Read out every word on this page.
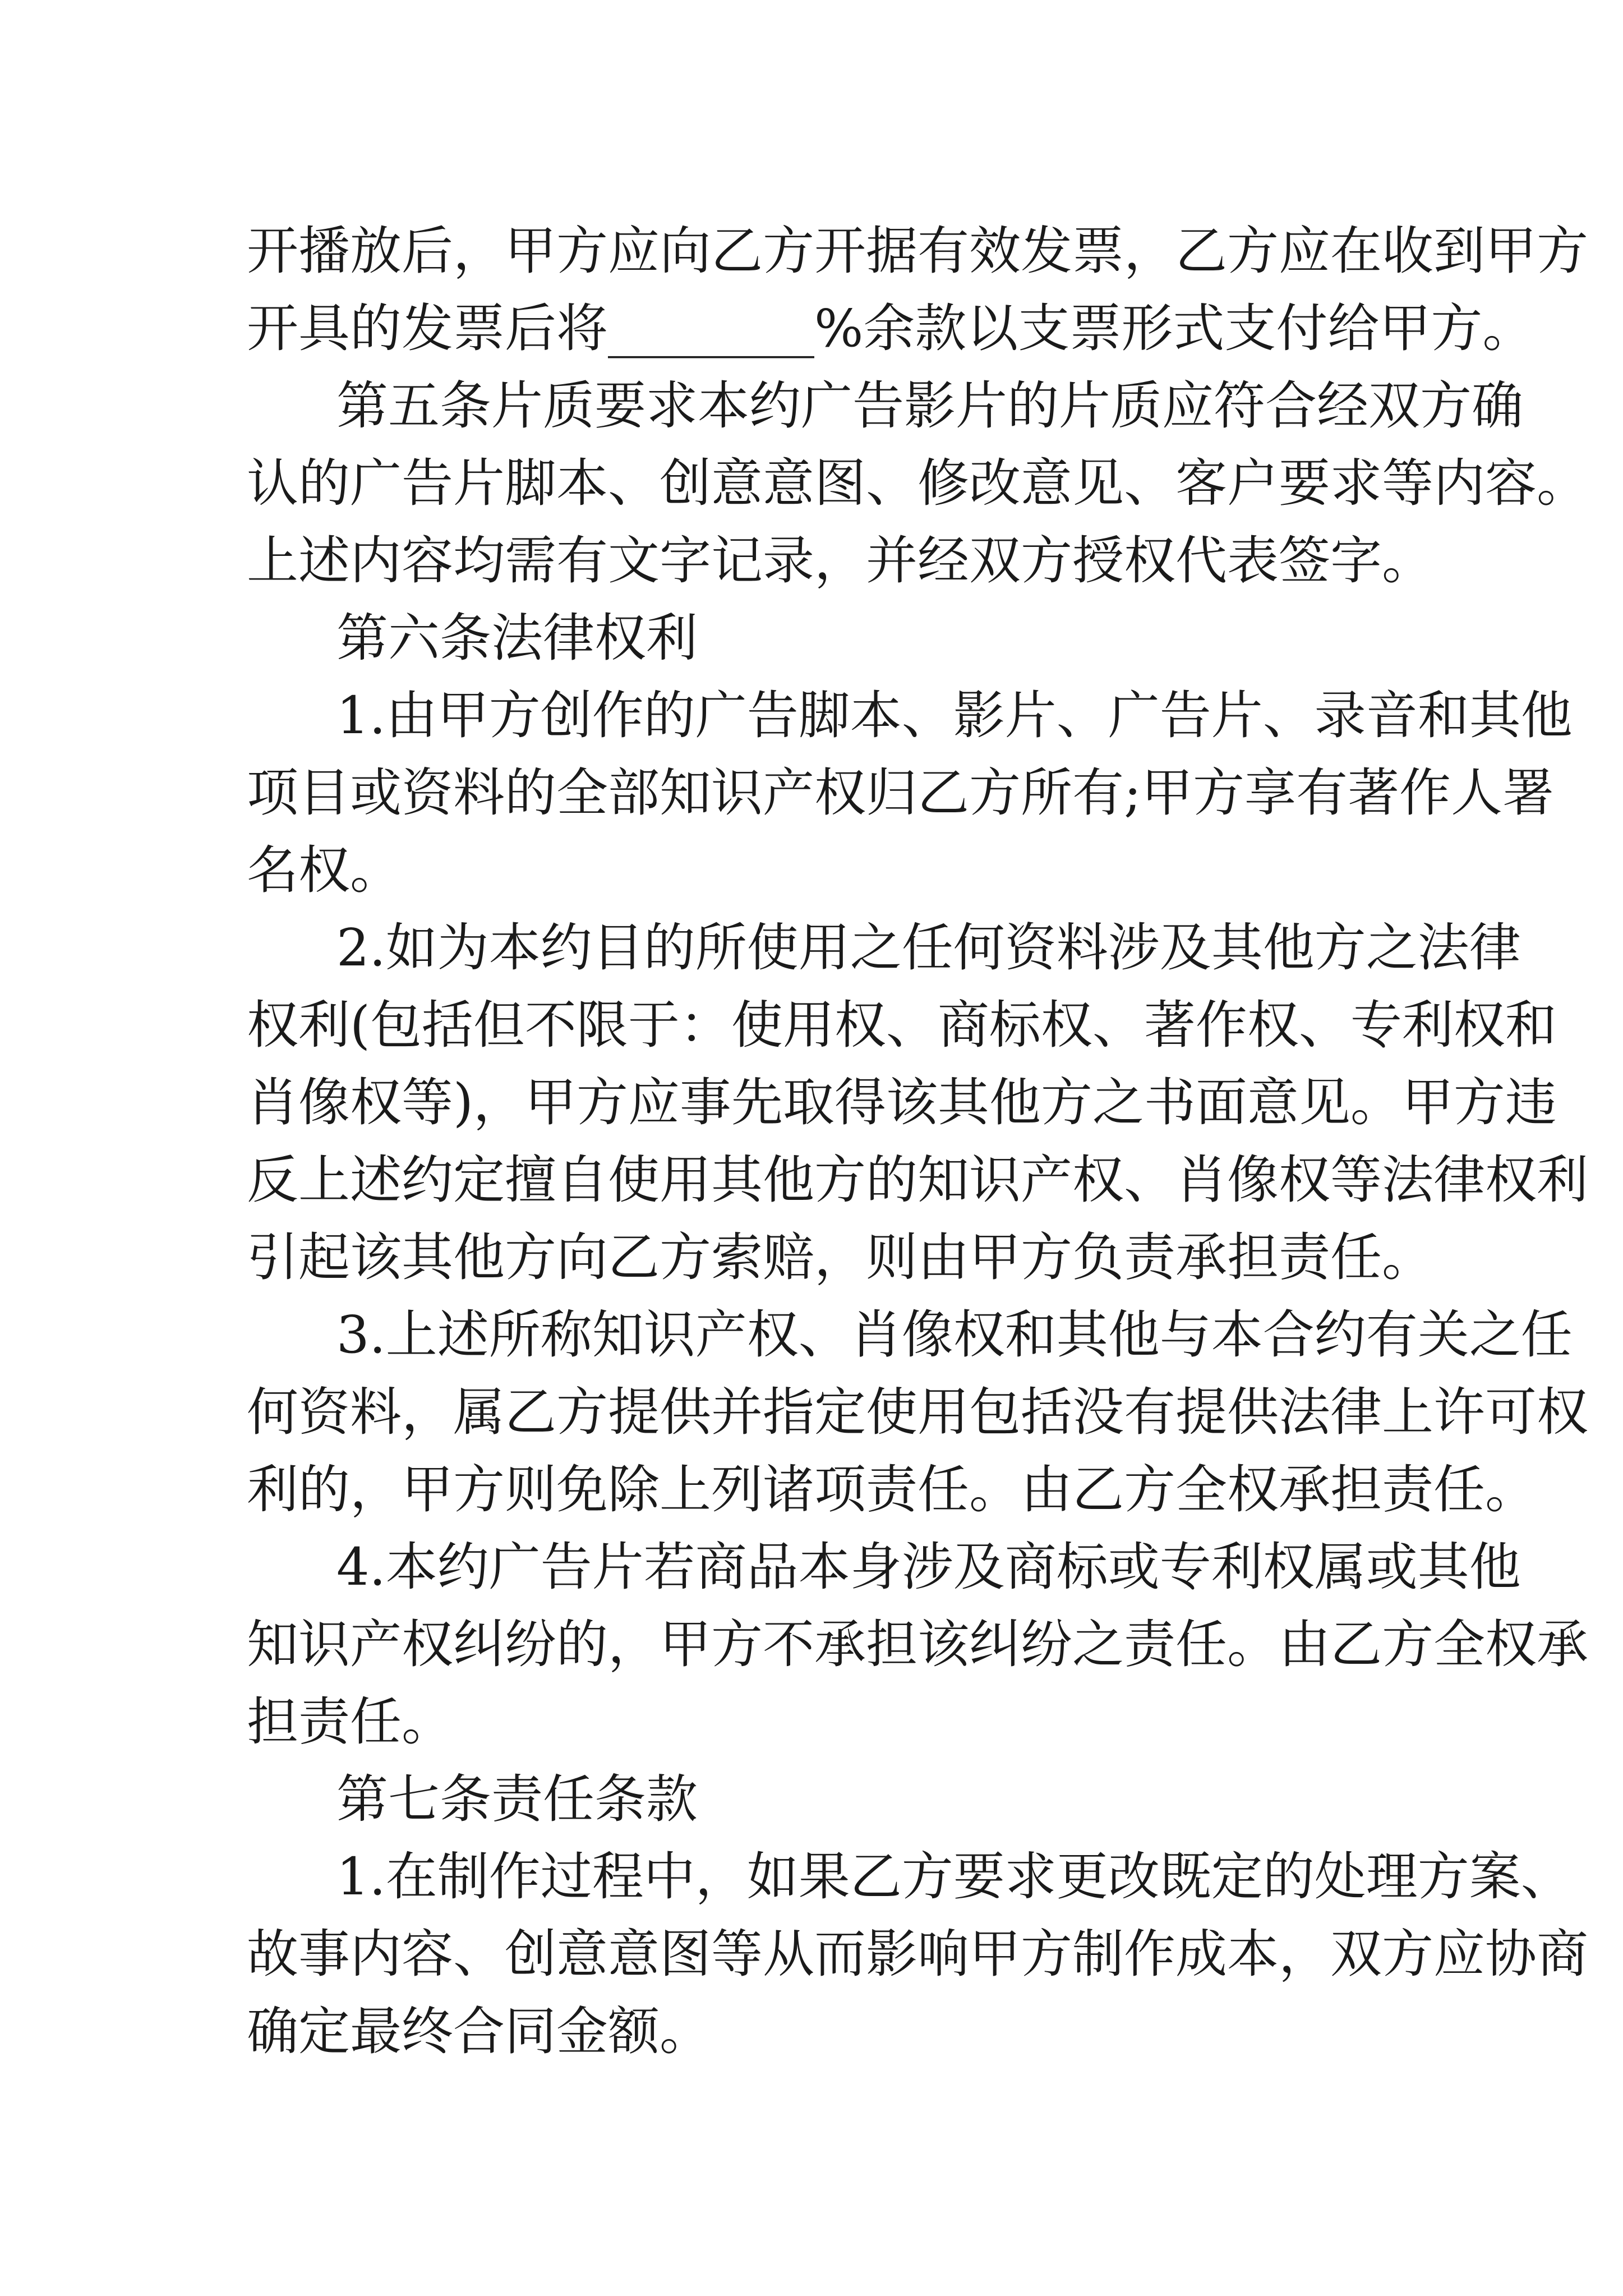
开播放后，甲方应向乙方开据有效发票，乙方应在收到甲方
开具的发票后将________%余款以支票形式支付给甲方。
第五条片质要求本约广告影片的片质应符合经双方确
认的广告片脚本、创意意图、修改意见、客户要求等内容。
上述内容均需有文字记录，并经双方授权代表签字。
第六条法律权利
1.由甲方创作的广告脚本、影片、广告片、录音和其他
项目或资料的全部知识产权归乙方所有;甲方享有著作人署
名权。
2.如为本约目的所使用之任何资料涉及其他方之法律
权利(包括但不限于：使用权、商标权、著作权、专利权和
肖像权等)，甲方应事先取得该其他方之书面意见。甲方违
反上述约定擅自使用其他方的知识产权、肖像权等法律权利
引起该其他方向乙方索赔，则由甲方负责承担责任。
3.上述所称知识产权、肖像权和其他与本合约有关之任
何资料，属乙方提供并指定使用包括没有提供法律上许可权
利的，甲方则免除上列诸项责任。由乙方全权承担责任。
4.本约广告片若商品本身涉及商标或专利权属或其他
知识产权纠纷的，甲方不承担该纠纷之责任。由乙方全权承
担责任。
第七条责任条款
1.在制作过程中，如果乙方要求更改既定的处理方案、
故事内容、创意意图等从而影响甲方制作成本，双方应协商
确定最终合同金额。
